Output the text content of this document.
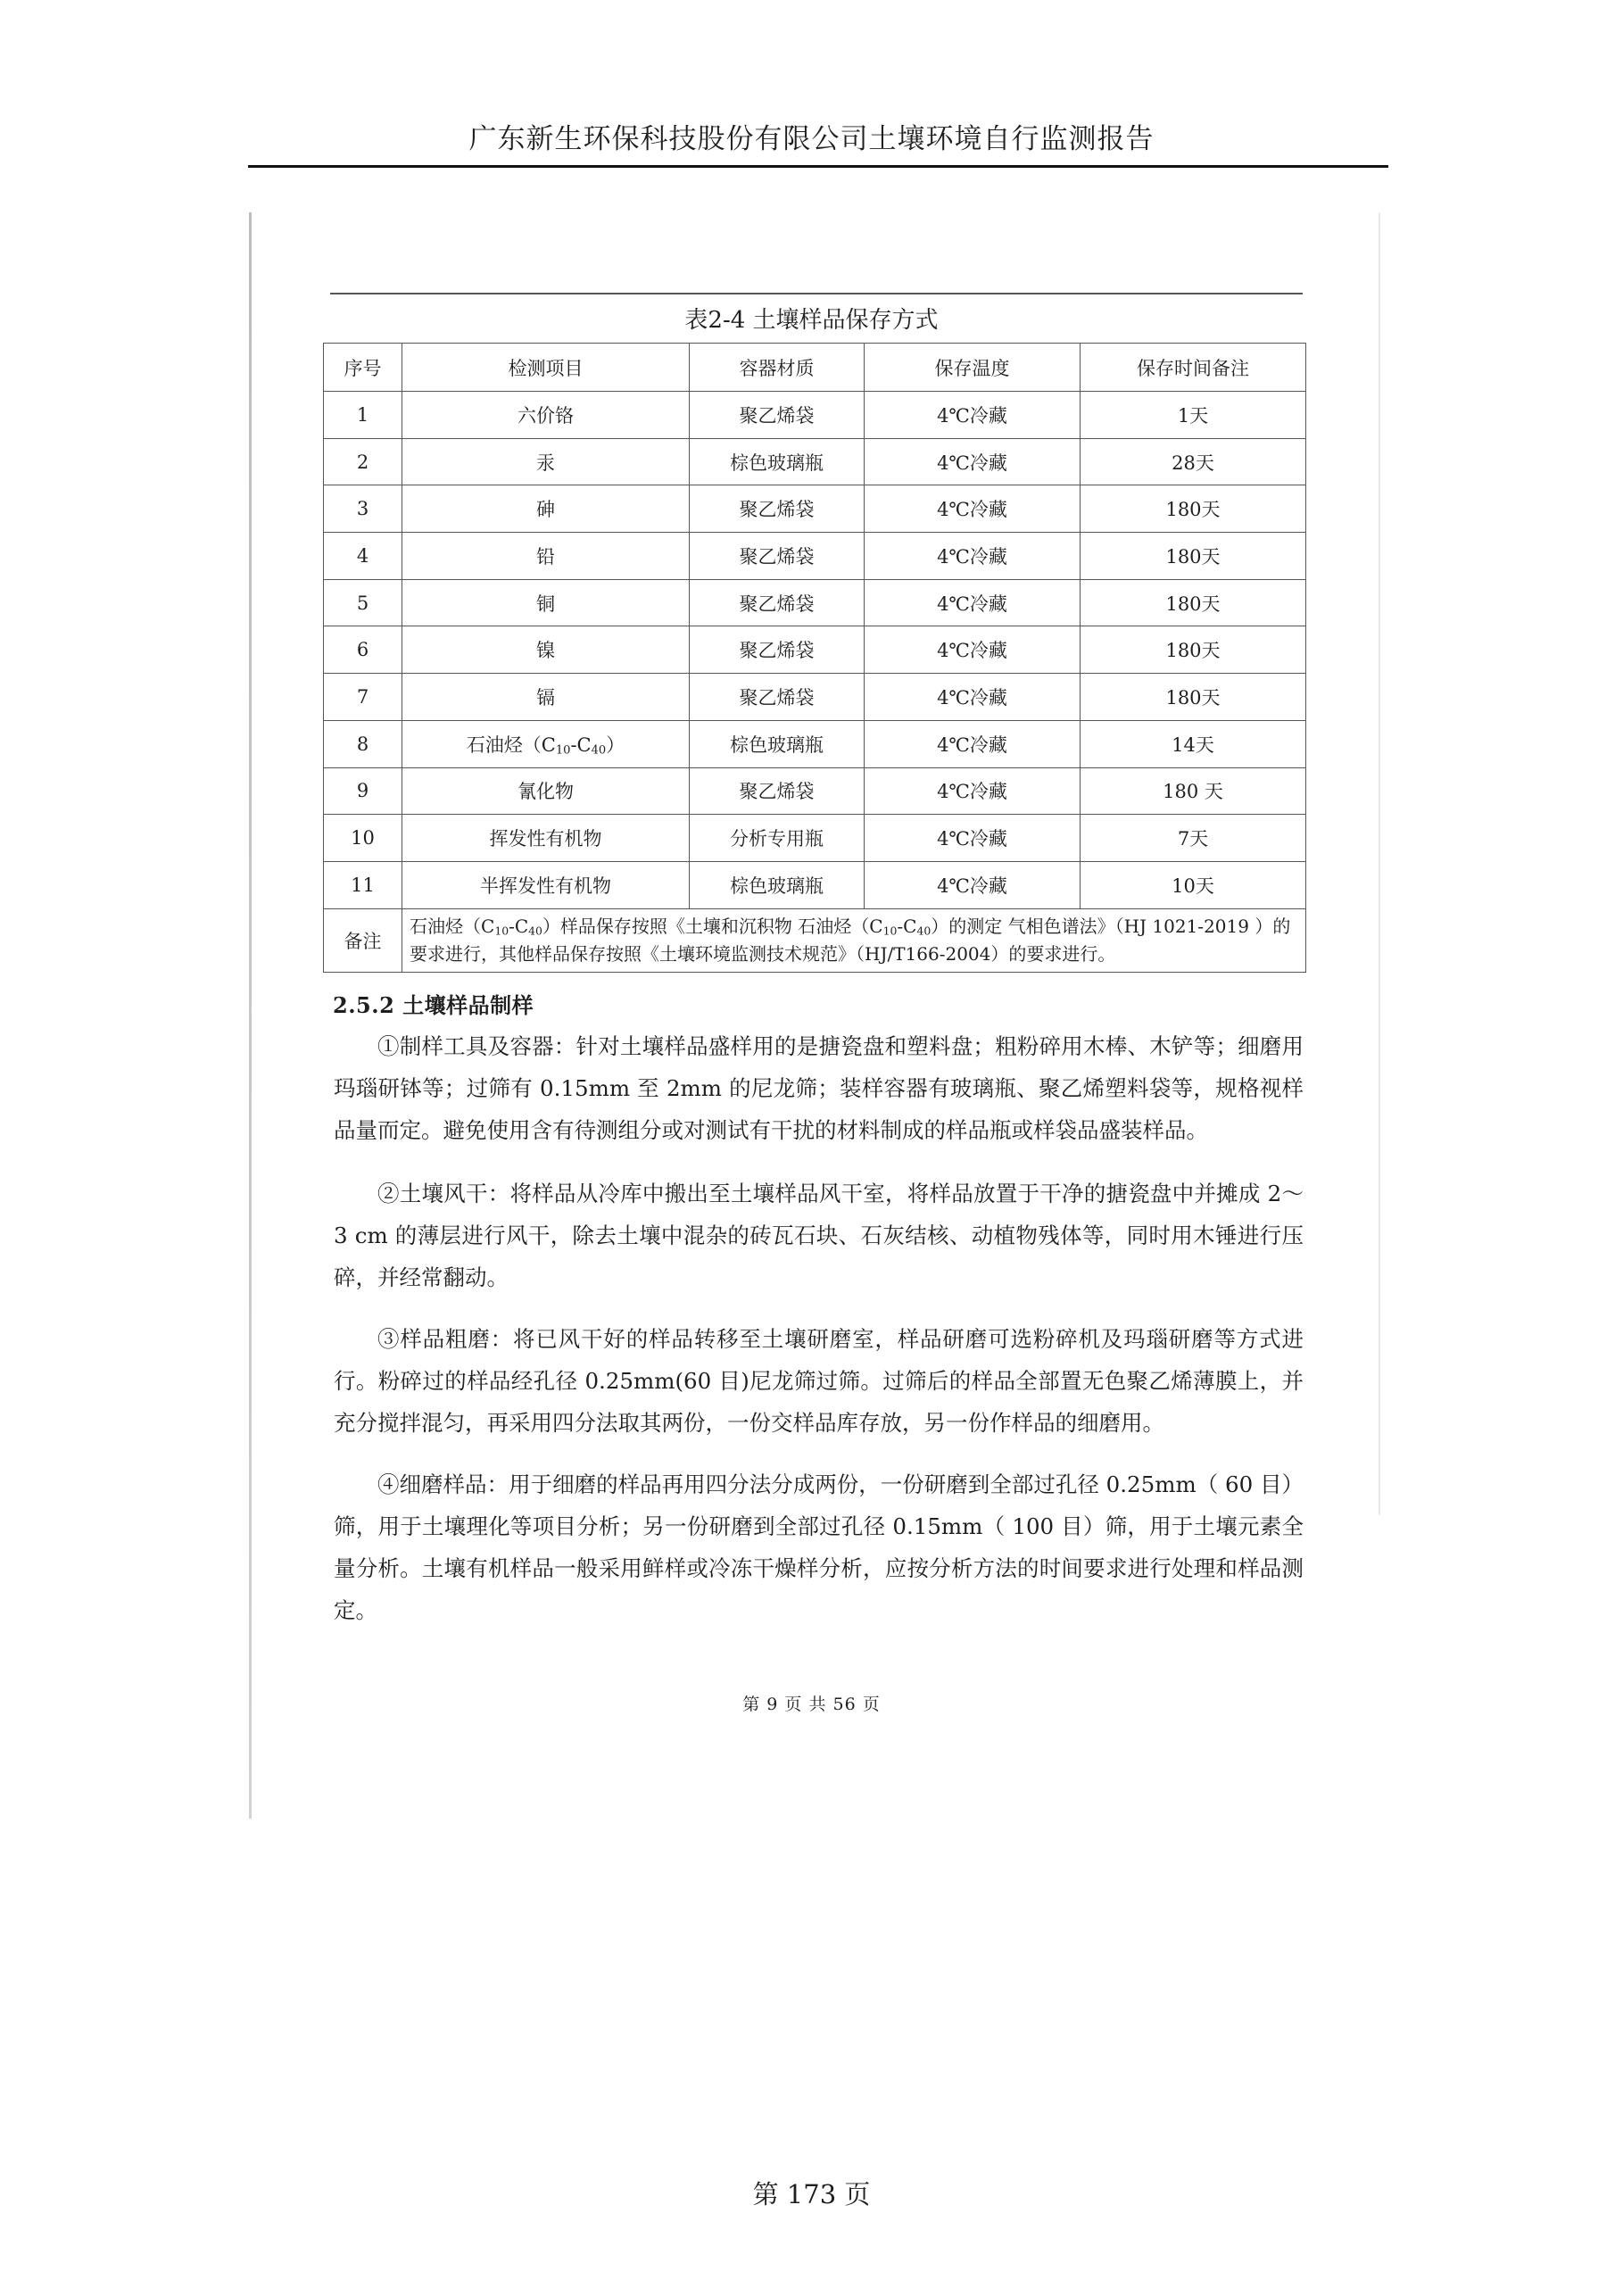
广东新生环保科技股份有限公司土壤环境自行监测报告
表2-4 土壤样品保存方式
序号	检测项目	容器材质	保存温度	保存时间备注
1	六价铬	聚乙烯袋	4℃冷藏	1天
2	汞	棕色玻璃瓶	4℃冷藏	28天
3	砷	聚乙烯袋	4℃冷藏	180天
4	铅	聚乙烯袋	4℃冷藏	180天
5	铜	聚乙烯袋	4℃冷藏	180天
6	镍	聚乙烯袋	4℃冷藏	180天
7	镉	聚乙烯袋	4℃冷藏	180天
8	石油烃$(C_{10}-C_{40})$	棕色玻璃瓶	4℃冷藏	14天
9	氰化物	聚乙烯袋	4℃冷藏	180 天
10	挥发性有机物	分析专用瓶	4℃冷藏	7天
11	半挥发性有机物	棕色玻璃瓶	4℃冷藏	10天
备注	石油烃$(C_{10}-C_{40})$样品保存按照《土壤和沉积物 石油烃$(C_{10}-C_{40})$的测定 气相色谱法》（HJ 1021-2019 ）的要求进行，其他样品保存按照《土壤环境监测技术规范》（HJ/T166-2004）的要求进行。			
2.5.2 土壤样品制样

①制样工具及容器：针对土壤样品盛样用的是搪瓷盘和塑料盘；粗粉碎用木棒、木铲等；细磨用玛瑙研钵等；过筛有 0.15mm 至 2mm 的尼龙筛；装样容器有玻璃瓶、聚乙烯塑料袋等，规格视样品量而定。避免使用含有待测组分或对测试有干扰的材料制成的样品瓶或样袋品盛装样品。

②土壤风干：将样品从冷库中搬出至土壤样品风干室，将样品放置于干净的搪瓷盘中并摊成 2～3 cm 的薄层进行风干，除去土壤中混杂的砖瓦石块、石灰结核、动植物残体等，同时用木锤进行压碎，并经常翻动。

③样品粗磨：将已风干好的样品转移至土壤研磨室，样品研磨可选粉碎机及玛瑙研磨等方式进行。粉碎过的样品经孔径 0.25mm(60 目)尼龙筛过筛。过筛后的样品全部置无色聚乙烯薄膜上，并充分搅拌混匀，再采用四分法取其两份，一份交样品库存放，另一份作样品的细磨用。

④细磨样品：用于细磨的样品再用四分法分成两份，一份研磨到全部过孔径 0.25mm（ 60 目）筛，用于土壤理化等项目分析；另一份研磨到全部过孔径 0.15mm（ 100 目）筛，用于土壤元素全量分析。土壤有机样品一般采用鲜样或冷冻干燥样分析，应按分析方法的时间要求进行处理和样品测定。

第 9 页 共 56 页
第 173 页
